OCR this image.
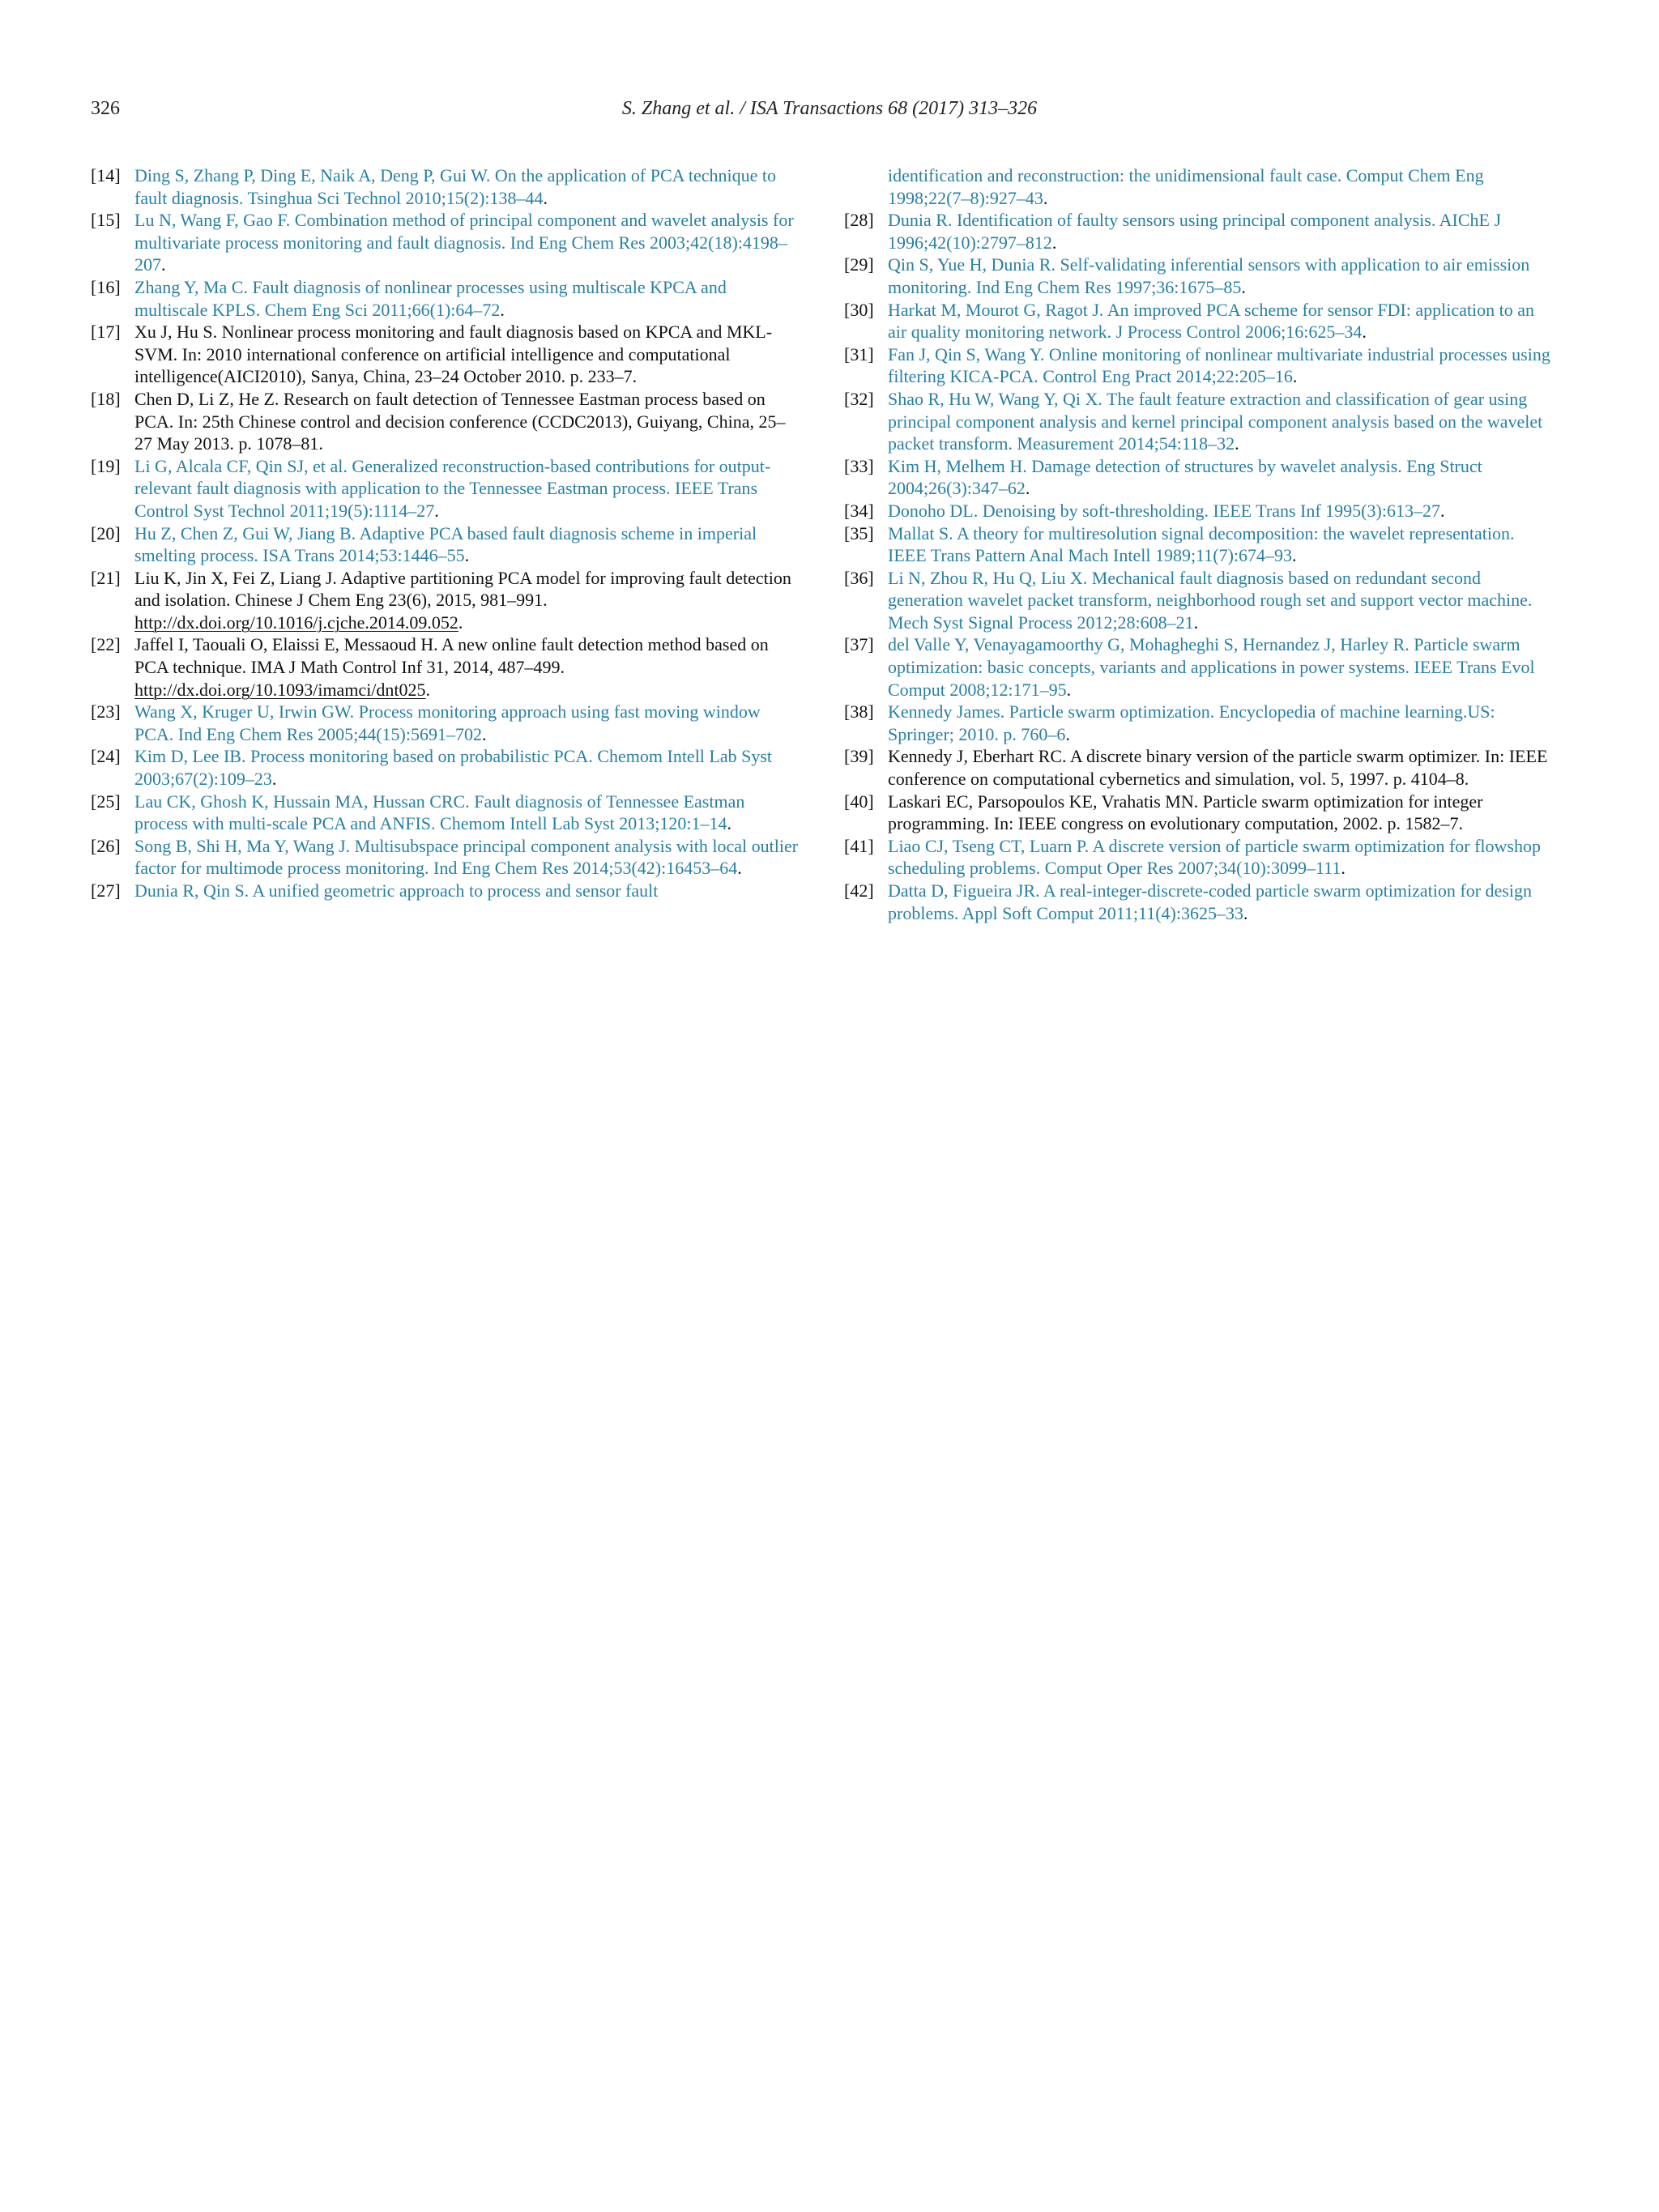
326	S. Zhang et al. / ISA Transactions 68 (2017) 313–326

[14] Ding S, Zhang P, Ding E, Naik A, Deng P, Gui W. On the application of PCA technique to fault diagnosis. Tsinghua Sci Technol 2010;15(2):138–44.

[15] Lu N, Wang F, Gao F. Combination method of principal component and wavelet analysis for multivariate process monitoring and fault diagnosis. Ind Eng Chem Res 2003;42(18):4198–207.

[16] Zhang Y, Ma C. Fault diagnosis of nonlinear processes using multiscale KPCA and multiscale KPLS. Chem Eng Sci 2011;66(1):64–72.

[17] Xu J, Hu S. Nonlinear process monitoring and fault diagnosis based on KPCA and MKL-SVM. In: 2010 international conference on artificial intelligence and computational intelligence(AICI2010), Sanya, China, 23–24 October 2010. p. 233–7.

[18] Chen D, Li Z, He Z. Research on fault detection of Tennessee Eastman process based on PCA. In: 25th Chinese control and decision conference (CCDC2013), Guiyang, China, 25–27 May 2013. p. 1078–81.

[19] Li G, Alcala CF, Qin SJ, et al. Generalized reconstruction-based contributions for output-relevant fault diagnosis with application to the Tennessee Eastman process. IEEE Trans Control Syst Technol 2011;19(5):1114–27.

[20] Hu Z, Chen Z, Gui W, Jiang B. Adaptive PCA based fault diagnosis scheme in imperial smelting process. ISA Trans 2014;53:1446–55.

[21] Liu K, Jin X, Fei Z, Liang J. Adaptive partitioning PCA model for improving fault detection and isolation. Chinese J Chem Eng 23(6), 2015, 981–991. http://dx.doi.org/10.1016/j.cjche.2014.09.052.

[22] Jaffel I, Taouali O, Elaissi E, Messaoud H. A new online fault detection method based on PCA technique. IMA J Math Control Inf 31, 2014, 487–499. http://dx.doi.org/10.1093/imamci/dnt025.

[23] Wang X, Kruger U, Irwin GW. Process monitoring approach using fast moving window PCA. Ind Eng Chem Res 2005;44(15):5691–702.

[24] Kim D, Lee IB. Process monitoring based on probabilistic PCA. Chemom Intell Lab Syst 2003;67(2):109–23.

[25] Lau CK, Ghosh K, Hussain MA, Hussan CRC. Fault diagnosis of Tennessee Eastman process with multi-scale PCA and ANFIS. Chemom Intell Lab Syst 2013;120:1–14.

[26] Song B, Shi H, Ma Y, Wang J. Multisubspace principal component analysis with local outlier factor for multimode process monitoring. Ind Eng Chem Res 2014;53(42):16453–64.

[27] Dunia R, Qin S. A unified geometric approach to process and sensor fault

identification and reconstruction: the unidimensional fault case. Comput Chem Eng 1998;22(7–8):927–43.

[28] Dunia R. Identification of faulty sensors using principal component analysis. AIChE J 1996;42(10):2797–812.

[29] Qin S, Yue H, Dunia R. Self-validating inferential sensors with application to air emission monitoring. Ind Eng Chem Res 1997;36:1675–85.

[30] Harkat M, Mourot G, Ragot J. An improved PCA scheme for sensor FDI: application to an air quality monitoring network. J Process Control 2006;16:625–34.

[31] Fan J, Qin S, Wang Y. Online monitoring of nonlinear multivariate industrial processes using filtering KICA-PCA. Control Eng Pract 2014;22:205–16.

[32] Shao R, Hu W, Wang Y, Qi X. The fault feature extraction and classification of gear using principal component analysis and kernel principal component analysis based on the wavelet packet transform. Measurement 2014;54:118–32.

[33] Kim H, Melhem H. Damage detection of structures by wavelet analysis. Eng Struct 2004;26(3):347–62.

[34] Donoho DL. Denoising by soft-thresholding. IEEE Trans Inf 1995(3):613–27.

[35] Mallat S. A theory for multiresolution signal decomposition: the wavelet representation. IEEE Trans Pattern Anal Mach Intell 1989;11(7):674–93.

[36] Li N, Zhou R, Hu Q, Liu X. Mechanical fault diagnosis based on redundant second generation wavelet packet transform, neighborhood rough set and support vector machine. Mech Syst Signal Process 2012;28:608–21.

[37] del Valle Y, Venayagamoorthy G, Mohagheghi S, Hernandez J, Harley R. Particle swarm optimization: basic concepts, variants and applications in power systems. IEEE Trans Evol Comput 2008;12:171–95.

[38] Kennedy James. Particle swarm optimization. Encyclopedia of machine learning.US: Springer; 2010. p. 760–6.

[39] Kennedy J, Eberhart RC. A discrete binary version of the particle swarm optimizer. In: IEEE conference on computational cybernetics and simulation, vol. 5, 1997. p. 4104–8.

[40] Laskari EC, Parsopoulos KE, Vrahatis MN. Particle swarm optimization for integer programming. In: IEEE congress on evolutionary computation, 2002. p. 1582–7.

[41] Liao CJ, Tseng CT, Luarn P. A discrete version of particle swarm optimization for flowshop scheduling problems. Comput Oper Res 2007;34(10):3099–111.

[42] Datta D, Figueira JR. A real-integer-discrete-coded particle swarm optimization for design problems. Appl Soft Comput 2011;11(4):3625–33.
